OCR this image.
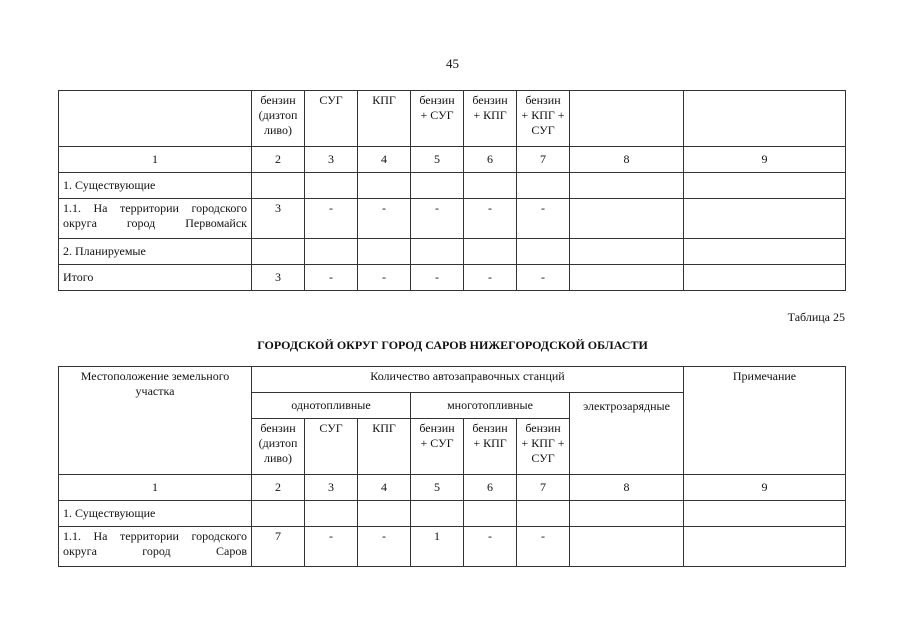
45
	бензин (дизтоп ливо)	СУГ	КПГ	бензин + СУГ	бензин + КПГ	бензин + КПГ + СУГ		
1	2	3	4	5	6	7	8	9
1. Существующие								
1.1. На территории городского округа город Первомайск	3	-	-	-	-	-		
2. Планируемые								
Итого	3	-	-	-	-	-		
Таблица 25
ГОРОДСКОЙ ОКРУГ ГОРОД САРОВ НИЖЕГОРОДСКОЙ ОБЛАСТИ
Местоположение земельного участка	Количество автозаправочных станций							Примечание
	однотопливные			многотопливные			электрозарядные	
	бензин (дизтоп ливо)	СУГ	КПГ	бензин + СУГ	бензин + КПГ	бензин + КПГ + СУГ		
1	2	3	4	5	6	7	8	9
1. Существующие								
1.1. На территории городского округа город Саров	7	-	-	1	-	-		
